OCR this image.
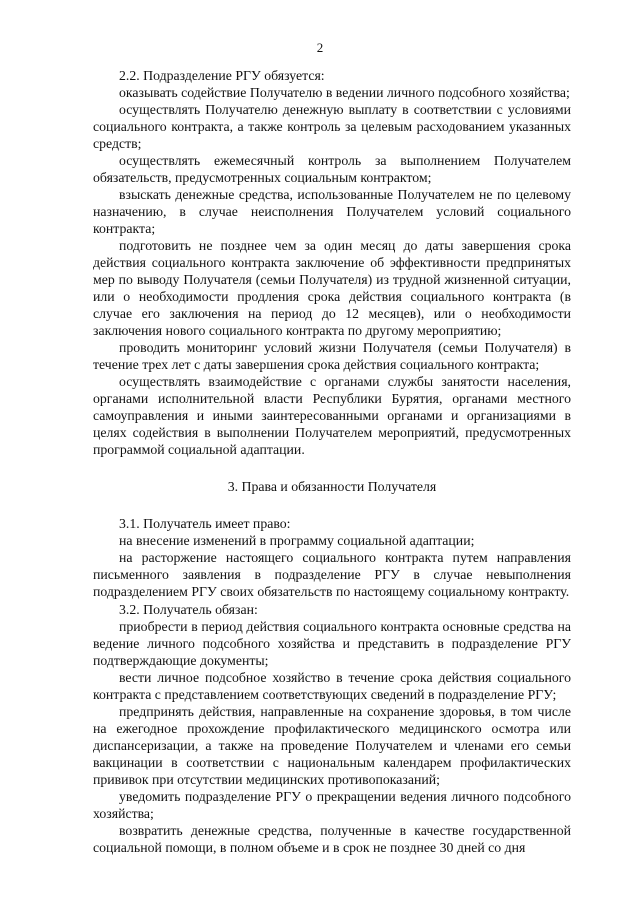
2

2.2. Подразделение РГУ обязуется:

оказывать содействие Получателю в ведении личного подсобного хозяйства;

осуществлять Получателю денежную выплату в соответствии с условиями социального контракта, а также контроль за целевым расходованием указанных средств;

осуществлять ежемесячный контроль за выполнением Получателем обязательств, предусмотренных социальным контрактом;

взыскать денежные средства, использованные Получателем не по целевому назначению, в случае неисполнения Получателем условий социального контракта;

подготовить не позднее чем за один месяц до даты завершения срока действия социального контракта заключение об эффективности предпринятых мер по выводу Получателя (семьи Получателя) из трудной жизненной ситуации, или о необходимости продления срока действия социального контракта (в случае его заключения на период до 12 месяцев), или о необходимости заключения нового социального контракта по другому мероприятию;

проводить мониторинг условий жизни Получателя (семьи Получателя) в течение трех лет с даты завершения срока действия социального контракта;

осуществлять взаимодействие с органами службы занятости населения, органами исполнительной власти Республики Бурятия, органами местного самоуправления и иными заинтересованными органами и организациями в целях содействия в выполнении Получателем мероприятий, предусмотренных программой социальной адаптации.

3. Права и обязанности Получателя

3.1. Получатель имеет право:

на внесение изменений в программу социальной адаптации;

на расторжение настоящего социального контракта путем направления письменного заявления в подразделение РГУ в случае невыполнения подразделением РГУ своих обязательств по настоящему социальному контракту.

3.2. Получатель обязан:

приобрести в период действия социального контракта основные средства на ведение личного подсобного хозяйства и представить в подразделение РГУ подтверждающие документы;

вести личное подсобное хозяйство в течение срока действия социального контракта с представлением соответствующих сведений в подразделение РГУ;

предпринять действия, направленные на сохранение здоровья, в том числе на ежегодное прохождение профилактического медицинского осмотра или диспансеризации, а также на проведение Получателем и членами его семьи вакцинации в соответствии с национальным календарем профилактических прививок при отсутствии медицинских противопоказаний;

уведомить подразделение РГУ о прекращении ведения личного подсобного хозяйства;

возвратить денежные средства, полученные в качестве государственной социальной помощи, в полном объеме и в срок не позднее 30 дней со дня
